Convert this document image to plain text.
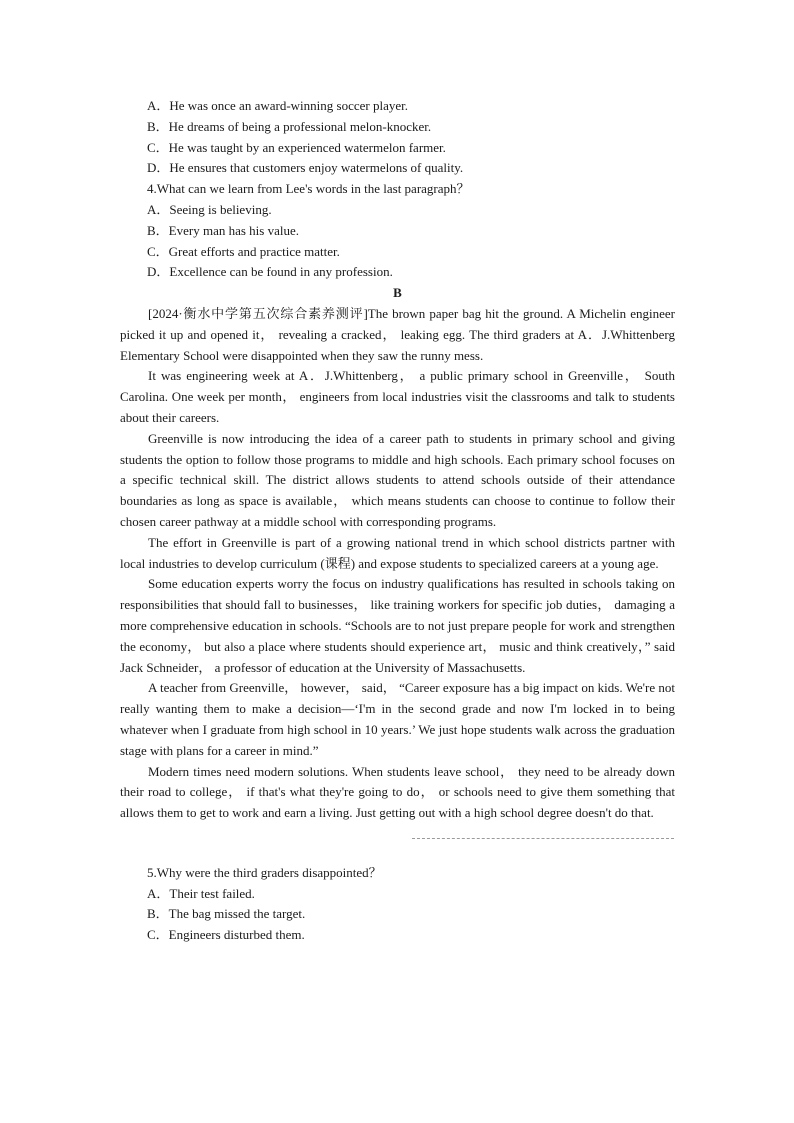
A．He was once an award-winning soccer player.
B．He dreams of being a professional melon-knocker.
C．He was taught by an experienced watermelon farmer.
D．He ensures that customers enjoy watermelons of quality.
4.What can we learn from Lee's words in the last paragraph？
A．Seeing is believing.
B．Every man has his value.
C．Great efforts and practice matter.
D．Excellence can be found in any profession.
B

[2024·衡水中学第五次综合素养测评]The brown paper bag hit the ground. A Michelin engineer picked it up and opened it， revealing a cracked， leaking egg. The third graders at A．J.Whittenberg Elementary School were disappointed when they saw the runny mess.

It was engineering week at A．J.Whittenberg， a public primary school in Greenville， South Carolina. One week per month， engineers from local industries visit the classrooms and talk to students about their careers.

Greenville is now introducing the idea of a career path to students in primary school and giving students the option to follow those programs to middle and high schools. Each primary school focuses on a specific technical skill. The district allows students to attend schools outside of their attendance boundaries as long as space is available， which means students can choose to continue to follow their chosen career pathway at a middle school with corresponding programs.

The effort in Greenville is part of a growing national trend in which school districts partner with local industries to develop curriculum (课程) and expose students to specialized careers at a young age.

Some education experts worry the focus on industry qualifications has resulted in schools taking on responsibilities that should fall to businesses， like training workers for specific job duties， damaging a more comprehensive education in schools. “Schools are to not just prepare people for work and strengthen the economy， but also a place where students should experience art， music and think creatively，” said Jack Schneider， a professor of education at the University of Massachusetts.

A teacher from Greenville， however， said， “Career exposure has a big impact on kids. We're not really wanting them to make a decision—‘I'm in the second grade and now I'm locked in to being whatever when I graduate from high school in 10 years.’ We just hope students walk across the graduation stage with plans for a career in mind.”

Modern times need modern solutions. When students leave school， they need to be already down their road to college， if that's what they're going to do， or schools need to give them something that allows them to get to work and earn a living. Just getting out with a high school degree doesn't do that.

5.Why were the third graders disappointed？
A．Their test failed.
B．The bag missed the target.
C．Engineers disturbed them.
